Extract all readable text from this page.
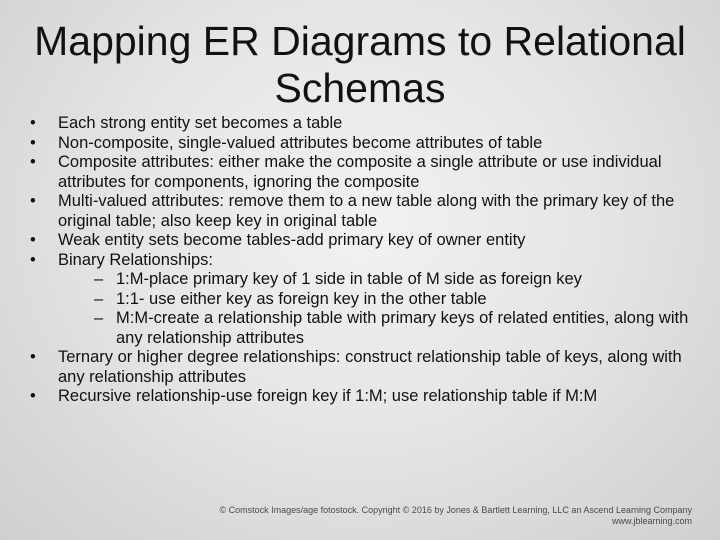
Mapping ER Diagrams to Relational
Schemas
• Each strong entity set becomes a table
• Non-composite, single-valued attributes become attributes of table
• Composite attributes: either make the composite a single attribute or use individual attributes for components, ignoring the composite
• Multi-valued attributes: remove them to a new table along with the primary key of the original table; also keep key in original table
• Weak entity sets become tables-add primary key of owner entity
• Binary Relationships:
– 1:M-place primary key of 1 side in table of M side as foreign key
– 1:1- use either key as foreign key in the other table
– M:M-create a relationship table with primary keys of related entities, along with any relationship attributes
• Ternary or higher degree relationships: construct relationship table of keys, along with any relationship attributes
• Recursive relationship-use foreign key if 1:M; use relationship table if M:M
© Comstock Images/age fotostock. Copyright © 2016 by Jones & Bartlett Learning, LLC an Ascend Learning Company
www.jblearning.com
